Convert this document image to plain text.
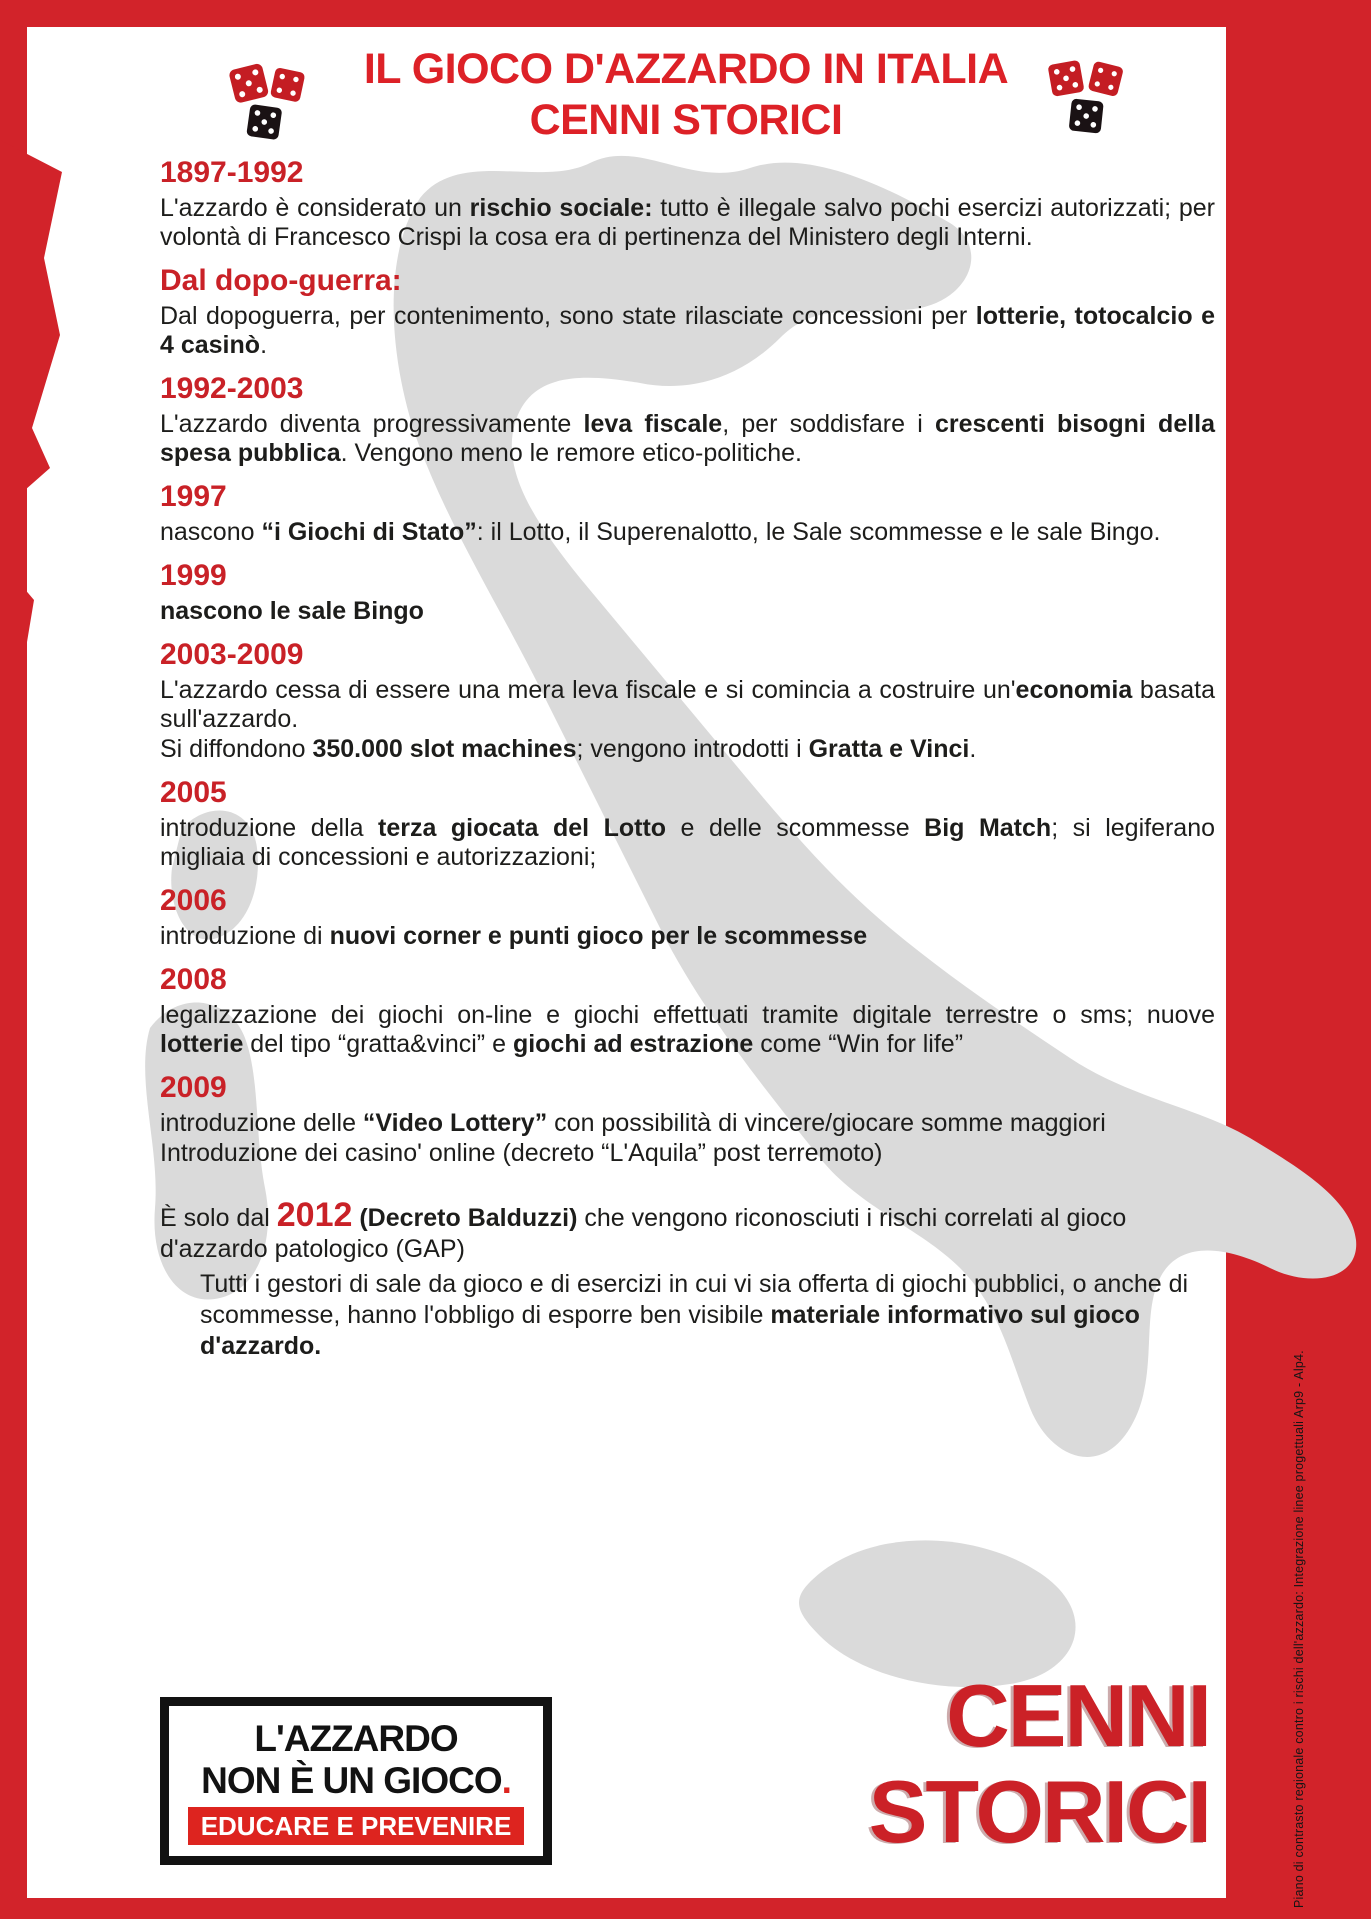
IL GIOCO D'AZZARDO IN ITALIA
CENNI STORICI
1897-1992

L'azzardo è considerato un rischio sociale: tutto è illegale salvo pochi esercizi autorizzati; per volontà di Francesco Crispi la cosa era di pertinenza del Ministero degli Interni.

Dal dopo-guerra:

Dal dopoguerra, per contenimento, sono state rilasciate concessioni per lotterie, totocalcio e 4 casinò.

1992-2003

L'azzardo diventa progressivamente leva fiscale, per soddisfare i crescenti bisogni della spesa pubblica. Vengono meno le remore etico-politiche.

1997

nascono “i Giochi di Stato”: il Lotto, il Superenalotto, le Sale scommesse e le sale Bingo.

1999

nascono le sale Bingo

2003-2009

L'azzardo cessa di essere una mera leva fiscale e si comincia a costruire un'economia basata sull'azzardo.

Si diffondono 350.000 slot machines; vengono introdotti i Gratta e Vinci.

2005

introduzione della terza giocata del Lotto e delle scommesse Big Match; si legiferano migliaia di concessioni e autorizzazioni;

2006

introduzione di nuovi corner e punti gioco per le scommesse

2008

legalizzazione dei giochi on-line e giochi effettuati tramite digitale terrestre o sms; nuove lotterie del tipo “gratta&vinci” e giochi ad estrazione come “Win for life”

2009

introduzione delle “Video Lottery” con possibilità di vincere/giocare somme maggiori

Introduzione dei casino' online (decreto “L'Aquila” post terremoto)

È solo dal 2012 (Decreto Balduzzi) che vengono riconosciuti i rischi correlati al gioco d'azzardo patologico (GAP)

Tutti i gestori di sale da gioco e di esercizi in cui vi sia offerta di giochi pubblici, o anche di scommesse, hanno l'obbligo di esporre ben visibile materiale informativo sul gioco d'azzardo.

L'AZZARDO
NON È UN GIOCO.
EDUCARE E PREVENIRE
CENNI
STORICI	Piano di contrasto regionale contro i rischi dell'azzardo: Integrazione linee progettuali Arp9 - Alp4.
